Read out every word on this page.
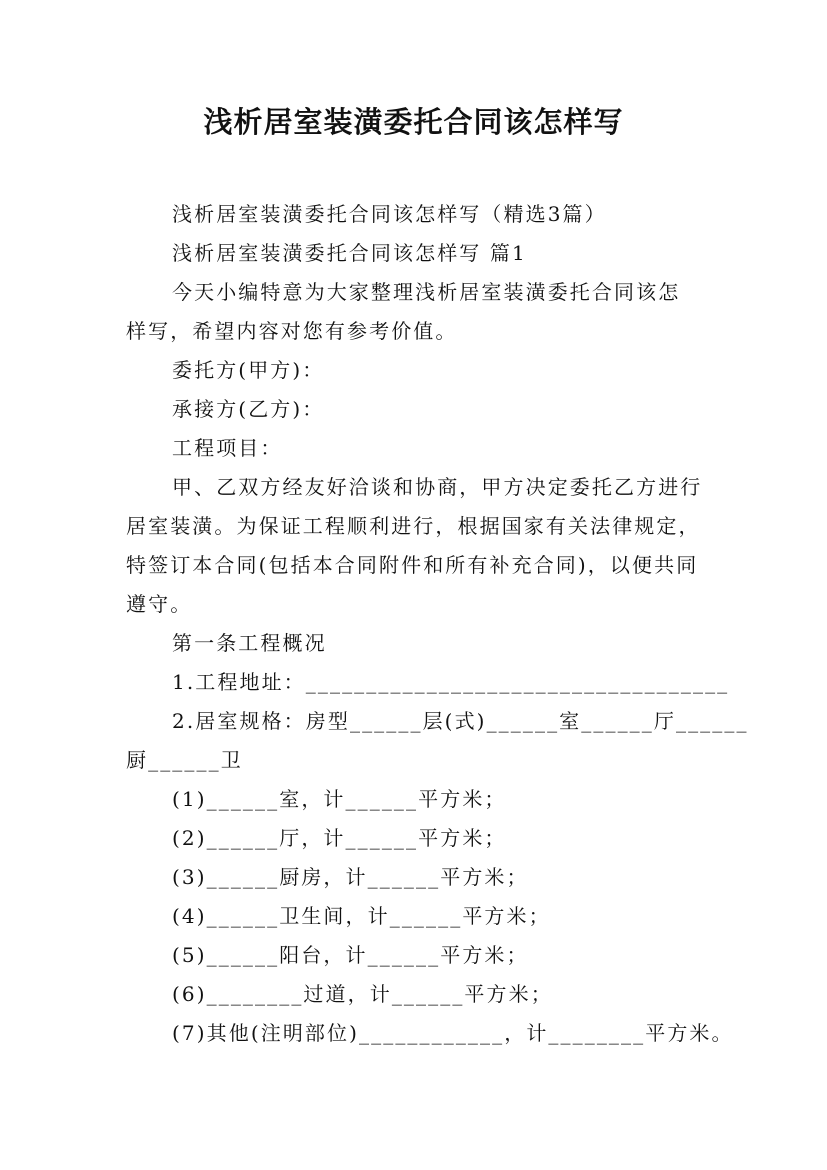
浅析居室装潢委托合同该怎样写
浅析居室装潢委托合同该怎样写（精选3篇）
浅析居室装潢委托合同该怎样写 篇1
今天小编特意为大家整理浅析居室装潢委托合同该怎
样写，希望内容对您有参考价值。
委托方(甲方)：
承接方(乙方)：
工程项目：
甲、乙双方经友好洽谈和协商，甲方决定委托乙方进行
居室装潢。为保证工程顺利进行，根据国家有关法律规定，
特签订本合同(包括本合同附件和所有补充合同)，以便共同
遵守。
第一条工程概况
1.工程地址：___________________________________
2.居室规格：房型______层(式)______室______厅______
厨______卫
(1)______室，计______平方米；
(2)______厅，计______平方米；
(3)______厨房，计______平方米；
(4)______卫生间，计______平方米；
(5)______阳台，计______平方米；
(6)________过道，计______平方米；
(7)其他(注明部位)____________，计________平方米。
